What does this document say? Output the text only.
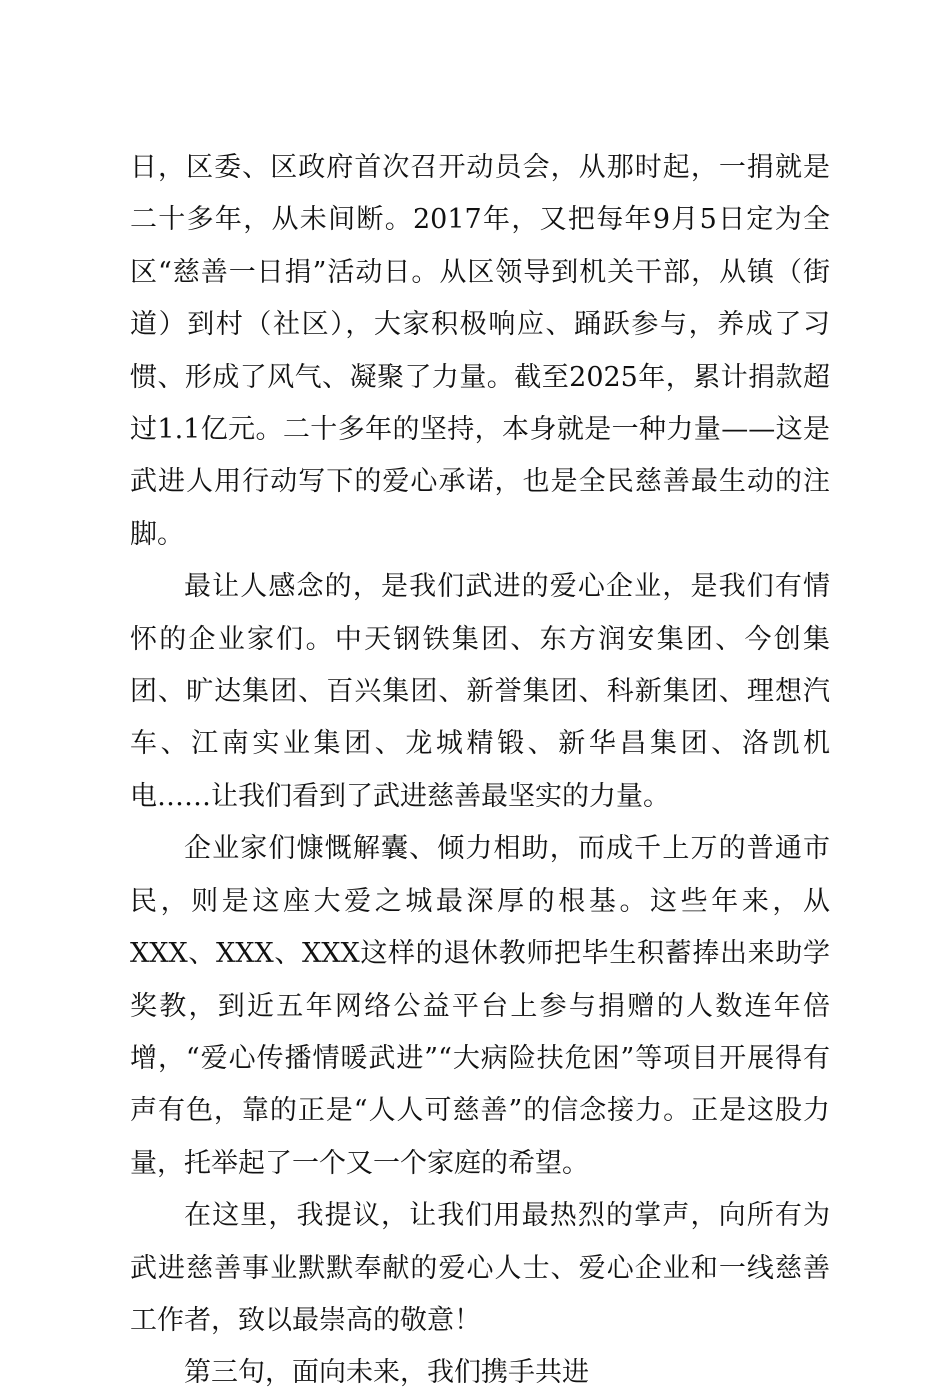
日，区委、区政府首次召开动员会，从那时起，一捐就是二十多年，从未间断。2017年，又把每年9月5日定为全区“慈善一日捐”活动日。从区领导到机关干部，从镇（街道）到村（社区），大家积极响应、踊跃参与，养成了习惯、形成了风气、凝聚了力量。截至2025年，累计捐款超过1.1亿元。二十多年的坚持，本身就是一种力量——这是武进人用行动写下的爱心承诺，也是全民慈善最生动的注脚。

最让人感念的，是我们武进的爱心企业，是我们有情怀的企业家们。中天钢铁集团、东方润安集团、今创集团、旷达集团、百兴集团、新誉集团、科新集团、理想汽车、江南实业集团、龙城精锻、新华昌集团、洛凯机电……让我们看到了武进慈善最坚实的力量。

企业家们慷慨解囊、倾力相助，而成千上万的普通市民，则是这座大爱之城最深厚的根基。这些年来，从XXX、XXX、XXX这样的退休教师把毕生积蓄捧出来助学奖教，到近五年网络公益平台上参与捐赠的人数连年倍增，“爱心传播情暖武进”“大病险扶危困”等项目开展得有声有色，靠的正是“人人可慈善”的信念接力。正是这股力量，托举起了一个又一个家庭的希望。

在这里，我提议，让我们用最热烈的掌声，向所有为武进慈善事业默默奉献的爱心人士、爱心企业和一线慈善工作者，致以最崇高的敬意！

第三句，面向未来，我们携手共进
